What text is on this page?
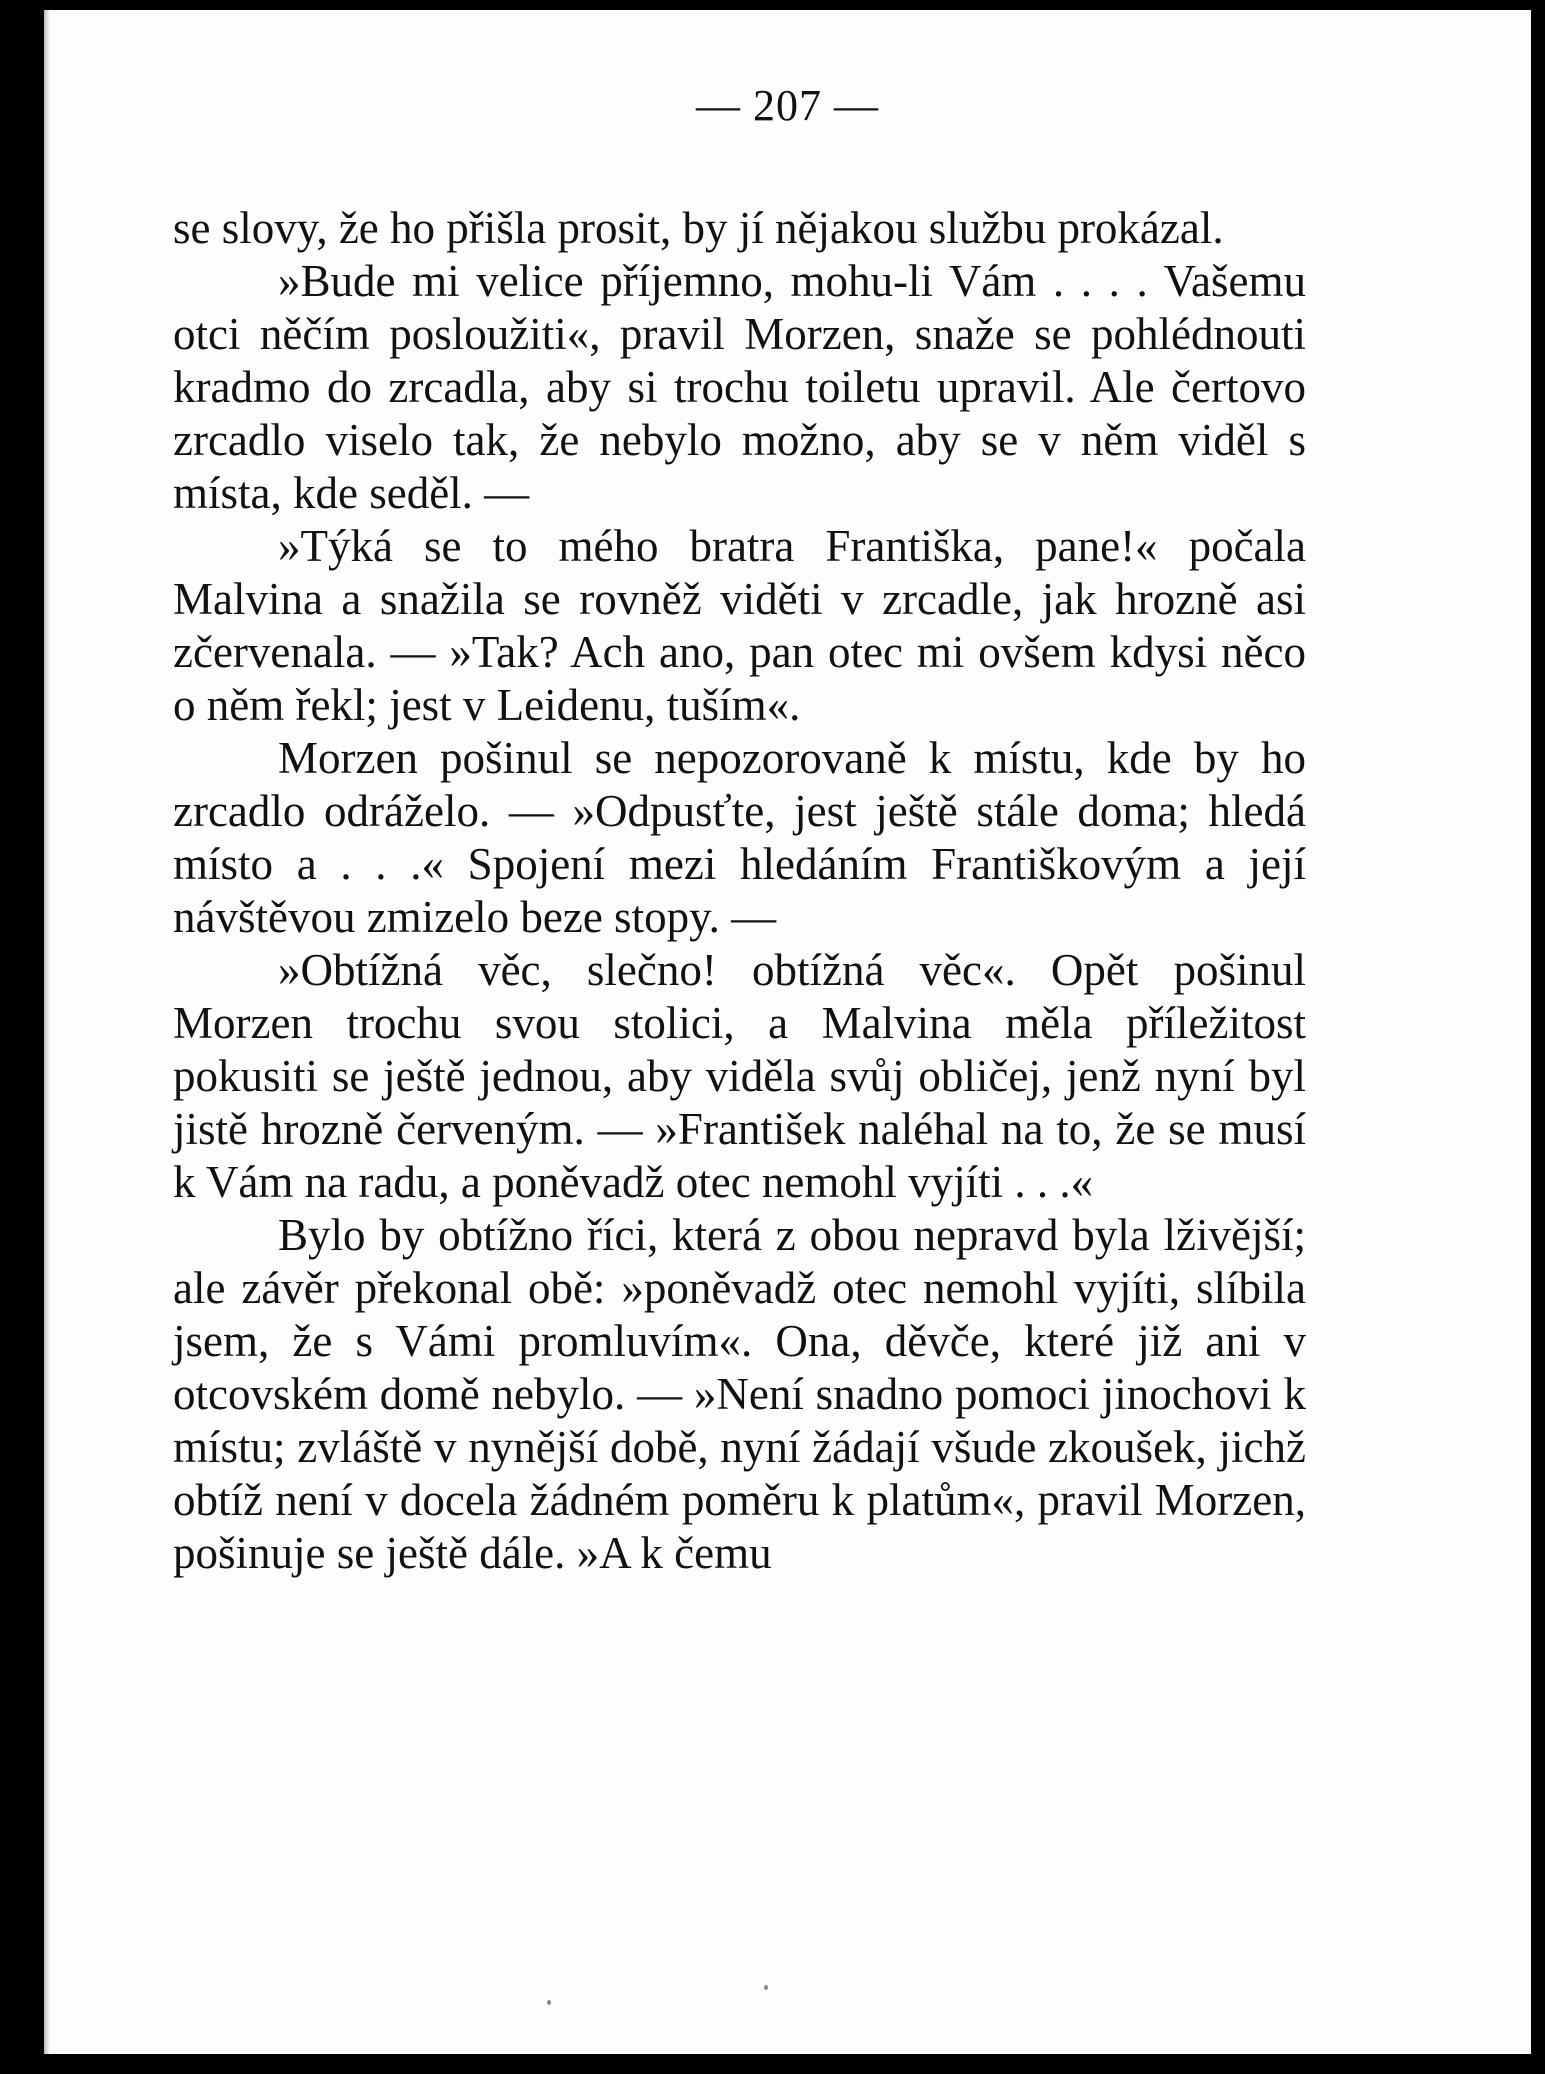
— 207 —

se slovy, že ho přišla prosit, by jí nějakou službu prokázal.

»Bude mi velice příjemno, mohu-li Vám . . . . Vašemu otci něčím posloužiti«, pravil Morzen, snaže se pohlédnouti kradmo do zrcadla, aby si trochu toiletu upravil. Ale čertovo zrcadlo viselo tak, že nebylo možno, aby se v něm viděl s místa, kde seděl. —

»Týká se to mého bratra Františka, pane!« počala Malvina a snažila se rovněž viděti v zrcadle, jak hrozně asi zčervenala. — »Tak? Ach ano, pan otec mi ovšem kdysi něco o něm řekl; jest v Leidenu, tuším«.

Morzen pošinul se nepozorovaně k místu, kde by ho zrcadlo odráželo. — »Odpusťte, jest ještě stále doma; hledá místo a . . .« Spojení mezi hledáním Františkovým a její návštěvou zmizelo beze stopy. —

»Obtížná věc, slečno! obtížná věc«. Opět pošinul Morzen trochu svou stolici, a Malvina měla příležitost pokusiti se ještě jednou, aby viděla svůj obličej, jenž nyní byl jistě hrozně červeným. — »František naléhal na to, že se musí k Vám na radu, a poněvadž otec nemohl vyjíti . . .«

Bylo by obtížno říci, která z obou nepravd byla lživější; ale závěr překonal obě: »poněvadž otec nemohl vyjíti, slíbila jsem, že s Vámi promluvím«. Ona, děvče, které již ani v otcovském domě nebylo. — »Není snadno pomoci jinochovi k místu; zvláště v nynější době, nyní žádají všude zkoušek, jichž obtíž není v docela žádném poměru k platům«, pravil Morzen, pošinuje se ještě dále. »A k čemu
